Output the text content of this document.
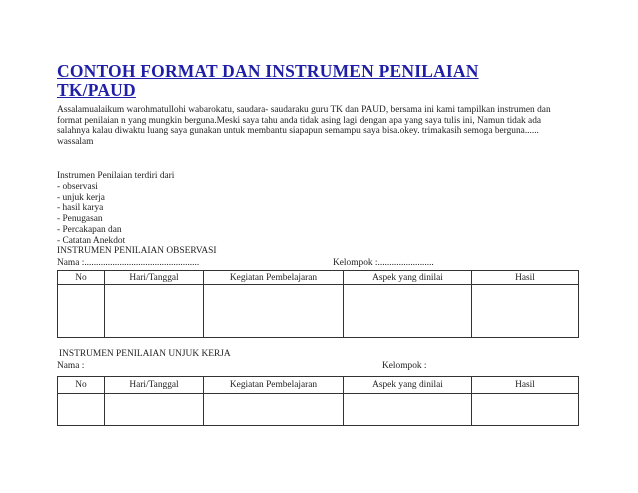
CONTOH FORMAT DAN INSTRUMEN PENILAIAN
TK/PAUD
Assalamualaikum warohmatullohi wabarokatu, saudara- saudaraku guru TK dan PAUD, bersama ini kami tampilkan instrumen dan
format penilaian n yang mungkin berguna.Meski saya tahu anda tidak asing lagi dengan apa yang saya tulis ini, Namun tidak ada
salahnya kalau diwaktu luang saya gunakan untuk membantu siapapun semampu saya bisa.okey. trimakasih semoga berguna......
wassalam
Instrumen Penilaian terdiri dari
- observasi
- unjuk kerja
- hasil karya
- Penugasan
- Percakapan dan
- Catatan Anekdot
INSTRUMEN PENILAIAN OBSERVASI
Nama :.................................................	Kelompok :........................
No	Hari/Tanggal	Kegiatan Pembelajaran	Aspek yang dinilai	Hasil

INSTRUMEN PENILAIAN UNJUK KERJA
Nama :	Kelompok :
No	Hari/Tanggal	Kegiatan Pembelajaran	Aspek yang dinilai	Hasil
